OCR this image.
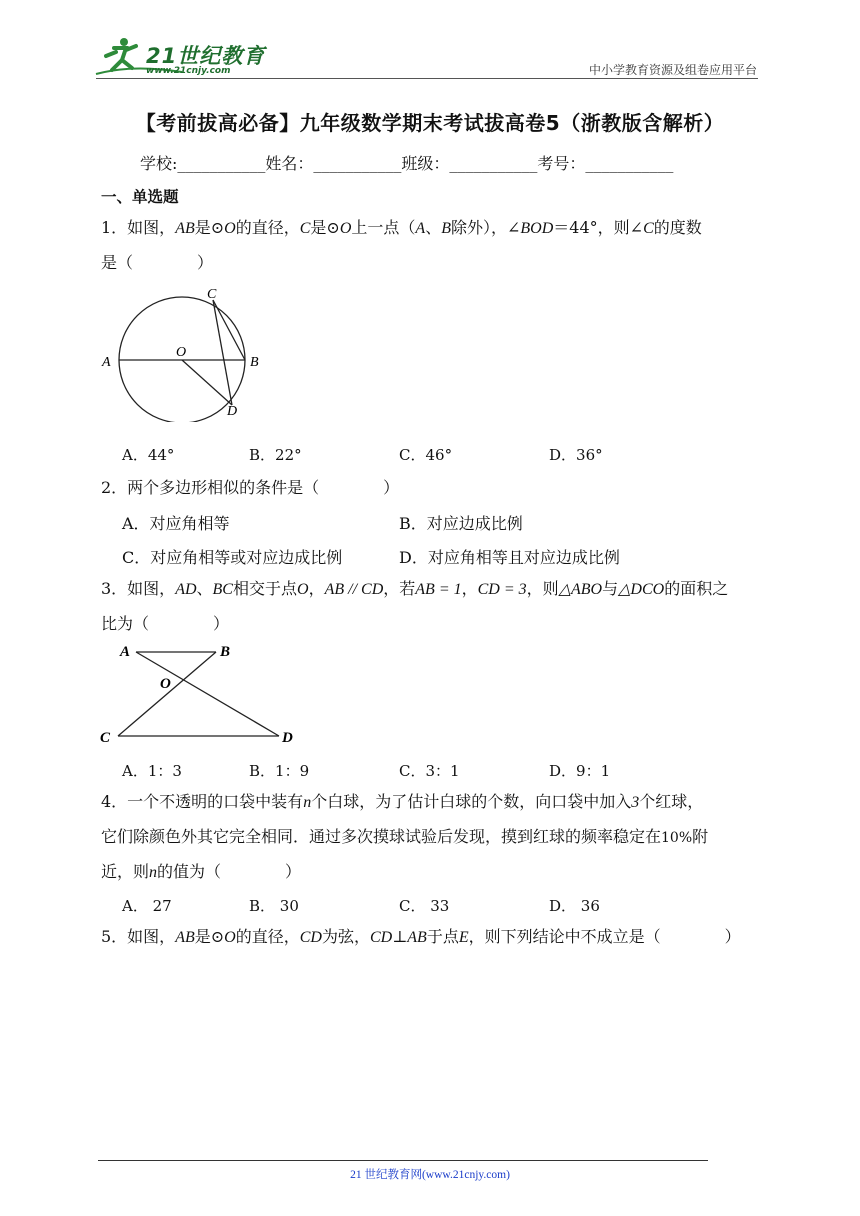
21世纪教育
www.21cnjy.com	中小学教育资源及组卷应用平台
【考前拔高必备】九年级数学期末考试拔高卷5（浙教版含解析）
学校:___________姓名：___________班级：___________考号：___________
一、单选题
1．如图，AB是⊙O的直径，C是⊙O上一点（A、B除外），∠BOD＝44°，则∠C的度数
是（　　　　）
A	B
C
D
O
A．44°	B．22°	C．46°	D．36°
2．两个多边形相似的条件是（　　　　）
A．对应角相等	B．对应边成比例
C．对应角相等或对应边成比例	D．对应角相等且对应边成比例
3．如图，AD、BC相交于点O，AB // CD，若AB = 1，CD = 3，则△ABO与△DCO的面积之
比为（　　　　）
A	B
O
C	D
A．1：3	B．1：9	C．3：1	D．9：1
4．一个不透明的口袋中装有n个白球，为了估计白球的个数，向口袋中加入3个红球，
它们除颜色外其它完全相同．通过多次摸球试验后发现，摸到红球的频率稳定在10%附
近，则n的值为（　　　　）
A． 27	B． 30	C． 33	D． 36
5．如图，AB是⊙O的直径，CD为弦，CD⊥AB于点E，则下列结论中不成立是（　　　　）
21 世纪教育网(www.21cnjy.com)
